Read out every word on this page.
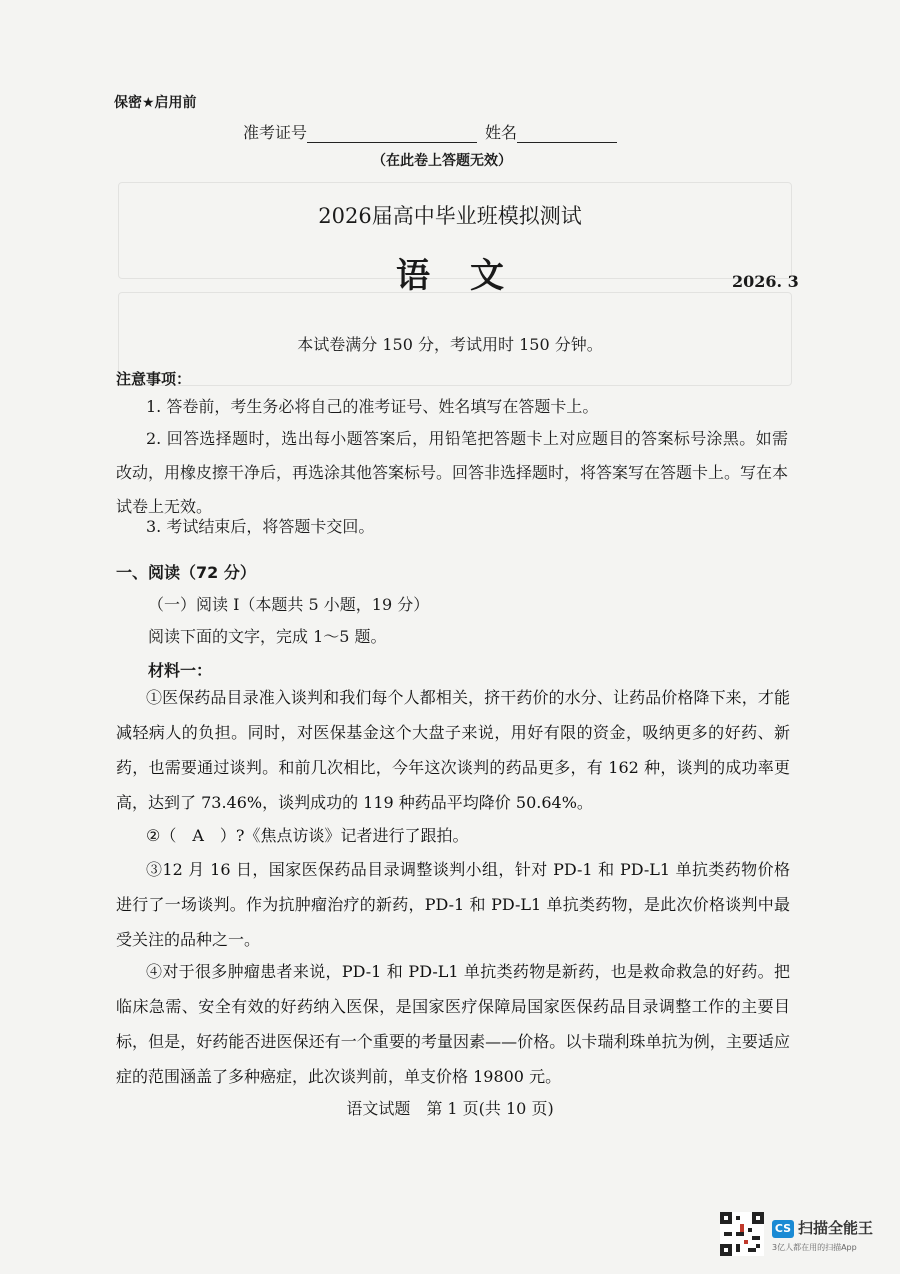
保密★启用前
准考证号	姓名
（在此卷上答题无效）
2026届高中毕业班模拟测试
语文	2026. 3
本试卷满分 150 分，考试用时 150 分钟。
注意事项：
1. 答卷前，考生务必将自己的准考证号、姓名填写在答题卡上。
2. 回答选择题时，选出每小题答案后，用铅笔把答题卡上对应题目的答案标号涂黑。如需改动，用橡皮擦干净后，再选涂其他答案标号。回答非选择题时，将答案写在答题卡上。写在本试卷上无效。
3. 考试结束后，将答题卡交回。
一、阅读（72 分）
（一）阅读 Ⅰ（本题共 5 小题，19 分）
阅读下面的文字，完成 1～5 题。
材料一：
①医保药品目录准入谈判和我们每个人都相关，挤干药价的水分、让药品价格降下来，才能减轻病人的负担。同时，对医保基金这个大盘子来说，用好有限的资金，吸纳更多的好药、新药，也需要通过谈判。和前几次相比，今年这次谈判的药品更多，有 162 种，谈判的成功率更高，达到了 73.46%，谈判成功的 119 种药品平均降价 50.64%。
②（　A　）?《焦点访谈》记者进行了跟拍。
③12 月 16 日，国家医保药品目录调整谈判小组，针对 PD-1 和 PD-L1 单抗类药物价格进行了一场谈判。作为抗肿瘤治疗的新药，PD-1 和 PD-L1 单抗类药物，是此次价格谈判中最受关注的品种之一。
④对于很多肿瘤患者来说，PD-1 和 PD-L1 单抗类药物是新药，也是救命救急的好药。把临床急需、安全有效的好药纳入医保，是国家医疗保障局国家医保药品目录调整工作的主要目标，但是，好药能否进医保还有一个重要的考量因素——价格。以卡瑞利珠单抗为例，主要适应症的范围涵盖了多种癌症，此次谈判前，单支价格 19800 元。
语文试题　第 1 页(共 10 页)
CS 扫描全能王
3亿人都在用的扫描App
